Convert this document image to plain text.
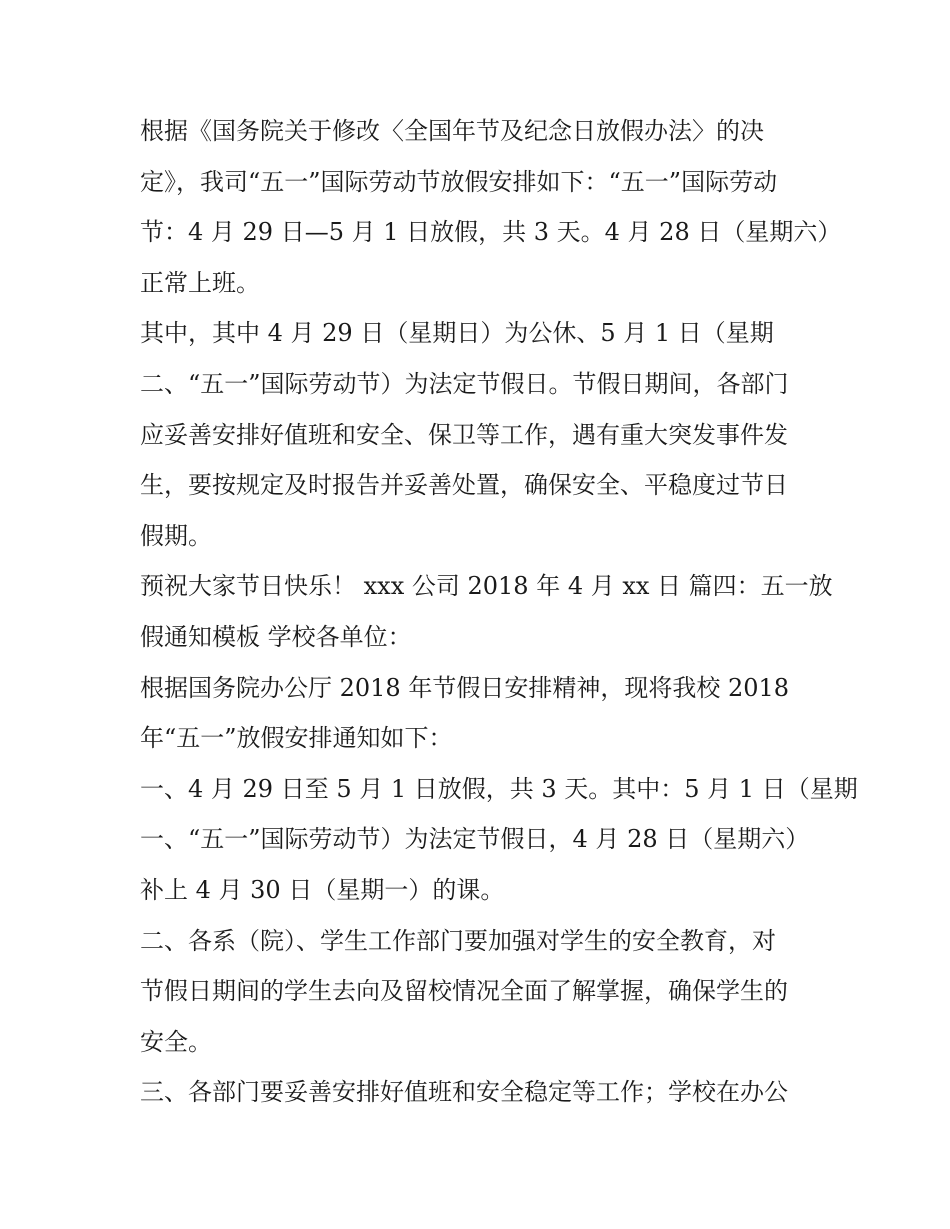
根据《国务院关于修改〈全国年节及纪念日放假办法〉的决
定》，我司“五一”国际劳动节放假安排如下：“五一”国际劳动
节：4 月 29 日—5 月 1 日放假，共 3 天。4 月 28 日（星期六）
正常上班。
其中，其中 4 月 29 日（星期日）为公休、5 月 1 日（星期
二、“五一”国际劳动节）为法定节假日。节假日期间，各部门
应妥善安排好值班和安全、保卫等工作，遇有重大突发事件发
生，要按规定及时报告并妥善处置，确保安全、平稳度过节日
假期。
预祝大家节日快乐！ xxx 公司 2018 年 4 月 xx 日 篇四：五一放
假通知模板 学校各单位：
根据国务院办公厅 2018 年节假日安排精神，现将我校 2018
年“五一”放假安排通知如下：
一、4 月 29 日至 5 月 1 日放假，共 3 天。其中：5 月 1 日（星期
一、“五一”国际劳动节）为法定节假日，4 月 28 日（星期六）
补上 4 月 30 日（星期一）的课。
二、各系（院）、学生工作部门要加强对学生的安全教育，对
节假日期间的学生去向及留校情况全面了解掌握，确保学生的
安全。
三、各部门要妥善安排好值班和安全稳定等工作；学校在办公
